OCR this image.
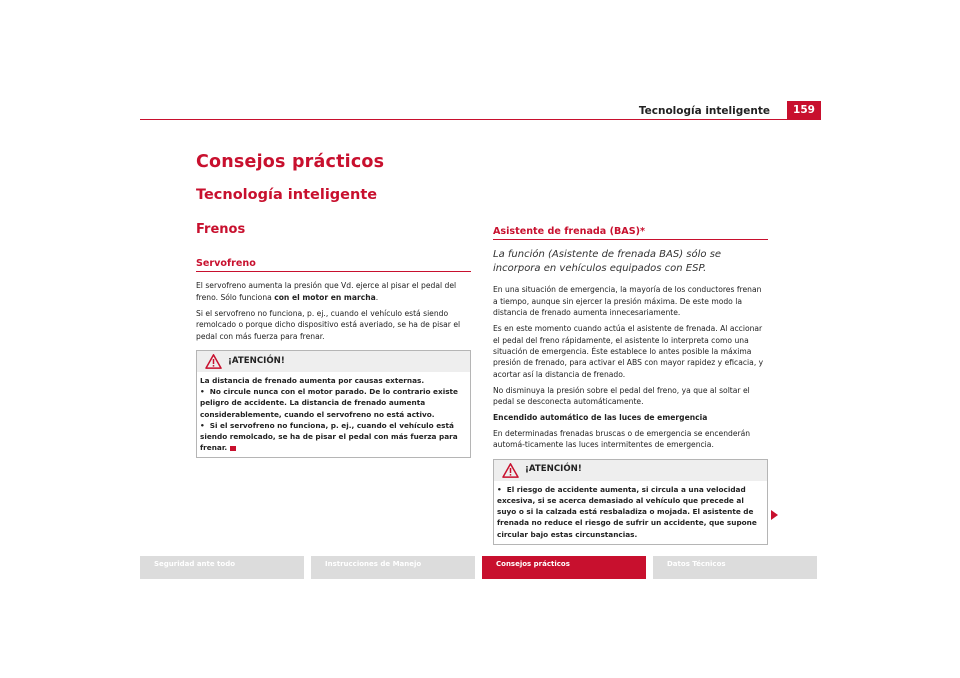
Tecnología inteligente	159
Consejos prácticos
Tecnología inteligente
Frenos
Servofreno

El servofreno aumenta la presión que Vd. ejerce al pisar el pedal del freno. Sólo funciona con el motor en marcha.

Si el servofreno no funciona, p. ej., cuando el vehículo está siendo remolcado o porque dicho dispositivo está averiado, se ha de pisar el pedal con más fuerza para frenar.

¡ATENCIÓN!
La distancia de frenado aumenta por causas externas.
•  No circule nunca con el motor parado. De lo contrario existe peligro de accidente. La distancia de frenado aumenta considerablemente, cuando el servofreno no está activo.
•  Si el servofreno no funciona, p. ej., cuando el vehículo está siendo remolcado, se ha de pisar el pedal con más fuerza para frenar.
Asistente de frenada (BAS)*
La función (Asistente de frenada BAS) sólo se incorpora en vehículos equipados con ESP.

En una situación de emergencia, la mayoría de los conductores frenan a tiempo, aunque sin ejercer la presión máxima. De este modo la distancia de frenado aumenta innecesariamente.

Es en este momento cuando actúa el asistente de frenada. Al accionar el pedal del freno rápidamente, el asistente lo interpreta como una situación de emergencia. Éste establece lo antes posible la máxima presión de frenado, para activar el ABS con mayor rapidez y eficacia, y acortar así la distancia de frenado.

No disminuya la presión sobre el pedal del freno, ya que al soltar el pedal se desconecta automáticamente.

Encendido automático de las luces de emergencia

En determinadas frenadas bruscas o de emergencia se encenderán automá-ticamente las luces intermitentes de emergencia.

¡ATENCIÓN!
•  El riesgo de accidente aumenta, si circula a una velocidad excesiva, si se acerca demasiado al vehículo que precede al suyo o si la calzada está resbaladiza o mojada. El asistente de frenada no reduce el riesgo de sufrir un accidente, que supone circular bajo estas circunstancias.
Seguridad ante todo	Instrucciones de Manejo	Consejos prácticos	Datos Técnicos
